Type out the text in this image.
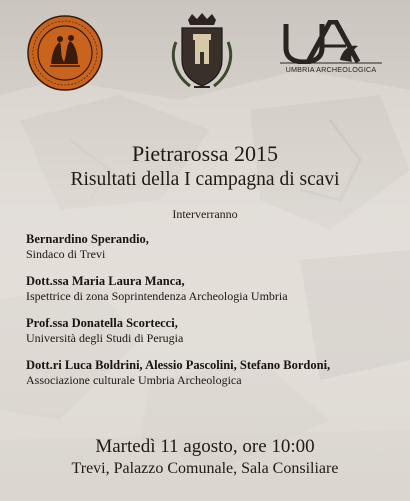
UMBRIA ARCHEOLOGICA
Pietrarossa 2015
Risultati della I campagna di scavi
Interverranno
Bernardino Sperandio,
Sindaco di Trevi
Dott.ssa Maria Laura Manca,
Ispettrice di zona Soprintendenza Archeologia Umbria
Prof.ssa Donatella Scortecci,
Università degli Studi di Perugia
Dott.ri Luca Boldrini, Alessio Pascolini, Stefano Bordoni,
Associazione culturale Umbria Archeologica
Martedì 11 agosto, ore 10:00
Trevi, Palazzo Comunale, Sala Consiliare
